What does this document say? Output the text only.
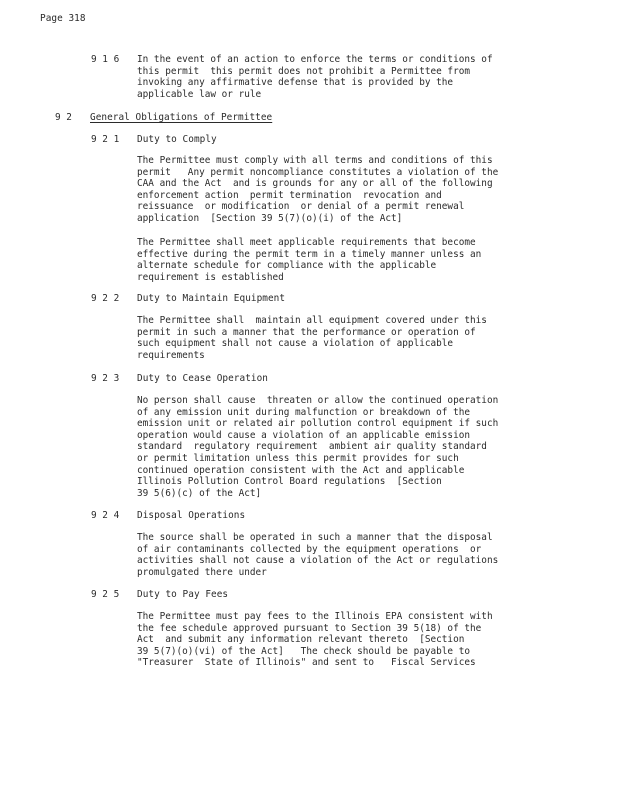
Page 318
9 1 6 In the event of an action to enforce the terms or conditions of
this permit  this permit does not prohibit a Permittee from
invoking any affirmative defense that is provided by the
applicable law or rule
9 2 General Obligations of Permittee
9 2 1 Duty to Comply
The Permittee must comply with all terms and conditions of this
permit   Any permit noncompliance constitutes a violation of the
CAA and the Act  and is grounds for any or all of the following
enforcement action  permit termination  revocation and
reissuance  or modification  or denial of a permit renewal
application  [Section 39 5(7)(o)(i) of the Act]
The Permittee shall meet applicable requirements that become
effective during the permit term in a timely manner unless an
alternate schedule for compliance with the applicable
requirement is established
9 2 2 Duty to Maintain Equipment
The Permittee shall  maintain all equipment covered under this
permit in such a manner that the performance or operation of
such equipment shall not cause a violation of applicable
requirements
9 2 3 Duty to Cease Operation
No person shall cause  threaten or allow the continued operation
of any emission unit during malfunction or breakdown of the
emission unit or related air pollution control equipment if such
operation would cause a violation of an applicable emission
standard  regulatory requirement  ambient air quality standard
or permit limitation unless this permit provides for such
continued operation consistent with the Act and applicable
Illinois Pollution Control Board regulations  [Section
39 5(6)(c) of the Act]
9 2 4 Disposal Operations
The source shall be operated in such a manner that the disposal
of air contaminants collected by the equipment operations  or
activities shall not cause a violation of the Act or regulations
promulgated there under
9 2 5 Duty to Pay Fees
The Permittee must pay fees to the Illinois EPA consistent with
the fee schedule approved pursuant to Section 39 5(18) of the
Act  and submit any information relevant thereto  [Section
39 5(7)(o)(vi) of the Act]   The check should be payable to
"Treasurer  State of Illinois" and sent to   Fiscal Services
